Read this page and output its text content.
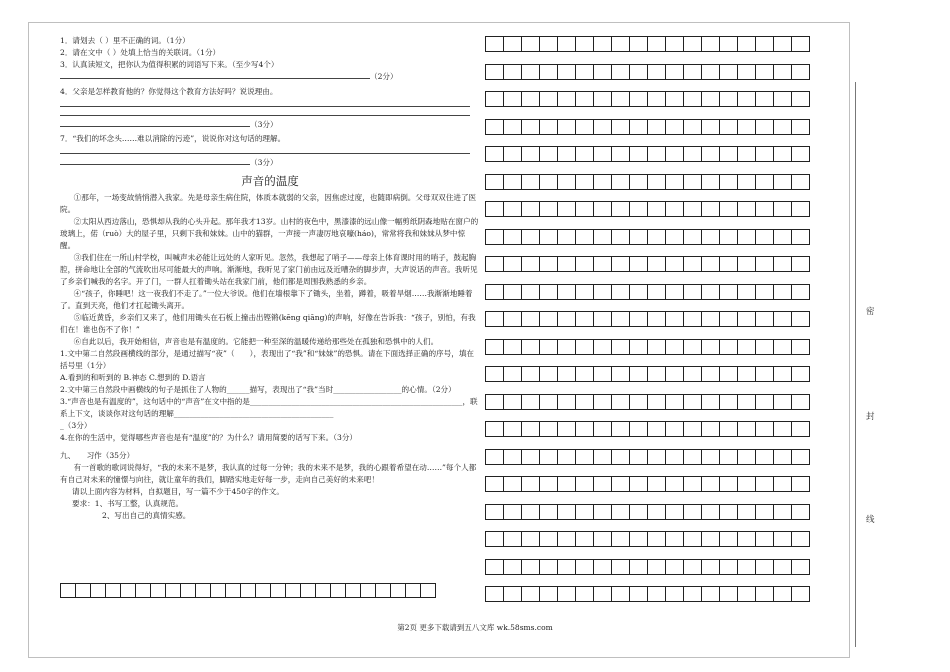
1．请划去（ ）里不正确的词。（1分）

2．请在文中（ ）处填上恰当的关联词。（1分）

3．认真读短文，把你认为值得积累的词语写下来。（至少写4个）

（2分）

4．父亲是怎样教育他的？你觉得这个教育方法好吗？说说理由。

（3分）

7．“我们的坏念头……难以消除的污迹”，说说你对这句话的理解。

（3分）

声音的温度

①那年，一场变故悄悄潜入我家。先是母亲生病住院，体质本就弱的父亲，因焦虑过度，也随即病倒。父母双双住进了医院。

②太阳从西边落山，恐惧却从我的心头升起。那年我才13岁。山村的夜色中，黑漆漆的远山像一幅剪纸阴森地贴在窗户的玻璃上，偌（ruò）大的屋子里，只剩下我和妹妹。山中的猫群，一声接一声凄厉地哀嚎(háo)，常常将我和妹妹从梦中惊醒。

③我们住在一所山村学校，叫喊声未必能让远处的人家听见。忽然，我想起了哨子——母亲上体育课时用的哨子，鼓起胸腔，拼命地让全部的气流吹出尽可能最大的声响。渐渐地，我听见了家门前由远及近嘈杂的脚步声，大声说话的声音。我听见了乡亲们喊我的名字。开了门，一群人扛着锄头站在我家门前，他们都是周围我熟悉的乡亲。

④“孩子，你睡吧！这一夜我们不走了。”一位大爷说。他们在墙根靠下了锄头，坐着，蹲着，吸着旱烟……我渐渐地睡着了。直到天亮，他们才扛起锄头离开。

⑤临近黄昏，乡亲们又来了，他们用锄头在石板上撞击出铿锵(kēng qiāng)的声响，好像在告诉我：“孩子，别怕，有我们在！谁也伤不了你！”

⑥自此以后，我开始相信，声音也是有温度的。它能把一种至深的温暖传递给那些处在孤独和恐惧中的人们。

1.文中第二自然段画横线的部分，是通过描写“夜”（　　），表现出了“我”和“妹妹”的恐惧。请在下面选择正确的序号，填在括号里（1分）

A.看到的和听到的 B.神态 C.想到的 D.语言

2.文中第三自然段中画横线的句子是抓住了人物的______描写，表现出了“我”当时__________________的心情。（2分）

3.“声音也是有温度的”，这句话中的“声音”在文中指的是________________________________________________________，联系上下文，谈谈你对这句话的理解__________________________________________

_（3分）

4.在你的生活中，觉得哪些声音也是有“温度”的？为什么？请用简要的话写下来。（3分）

九、　　习作（35分）

有一首歌的歌词说得好，“我的未来不是梦，我认真的过每一分钟；我的未来不是梦，我的心跟着希望在动……”每个人都有自己对未来的憧憬与向往，就让童年的我们，脚踏实地走好每一步，走向自己美好的未来吧！

请以上面内容为材料，自拟题目，写一篇不少于450字的作文。

要求：1、书写工整，认真规范。

2、写出自己的真情实感。

密
封
线
第2页 更多下载请到五八文库 wk.58sms.com
